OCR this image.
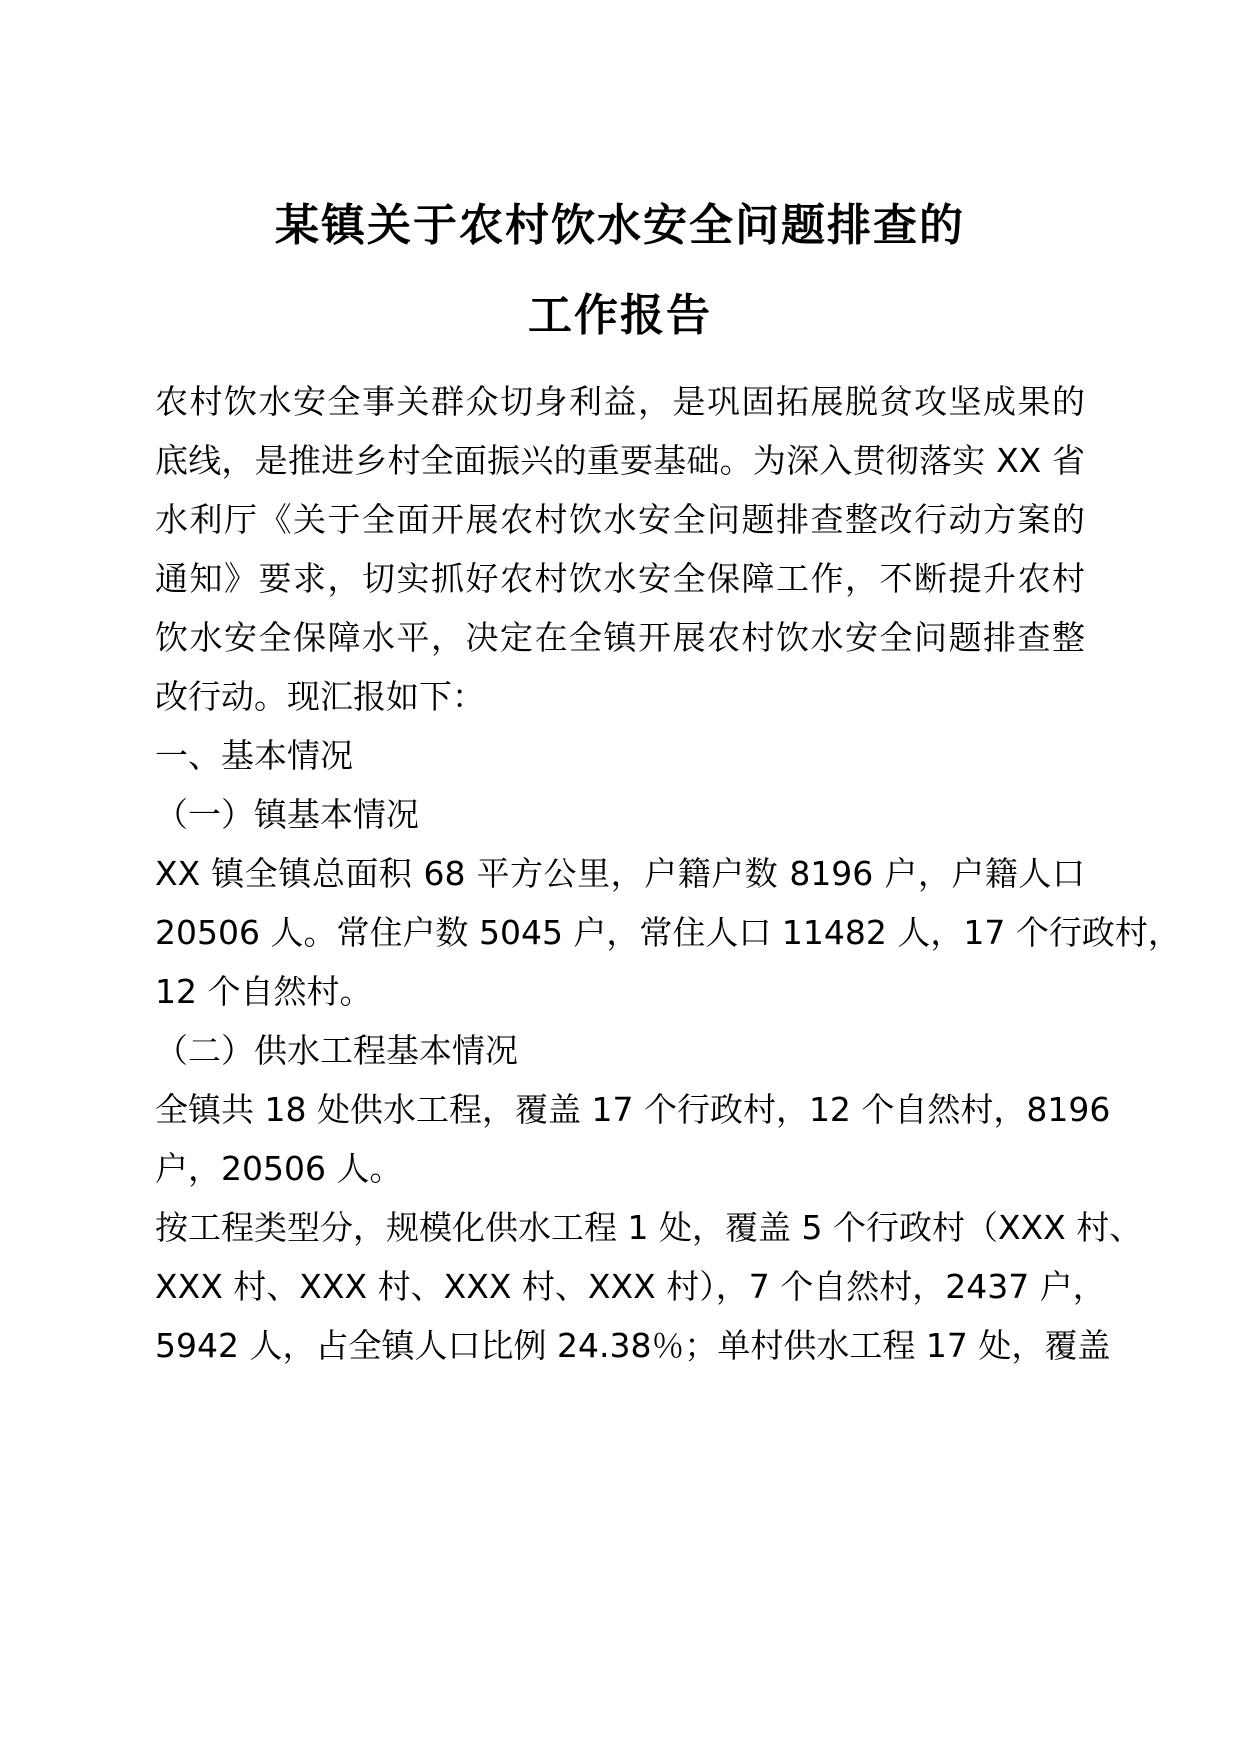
某镇关于农村饮水安全问题排查的
工作报告
农村饮水安全事关群众切身利益，是巩固拓展脱贫攻坚成果的
底线，是推进乡村全面振兴的重要基础。为深入贯彻落实 XX 省
水利厅《关于全面开展农村饮水安全问题排查整改行动方案的
通知》要求，切实抓好农村饮水安全保障工作，不断提升农村
饮水安全保障水平，决定在全镇开展农村饮水安全问题排查整
改行动。现汇报如下：
一、基本情况
（一）镇基本情况
XX 镇全镇总面积 68 平方公里，户籍户数 8196 户，户籍人口
20506 人。常住户数 5045 户，常住人口 11482 人，17 个行政村，
12 个自然村。
（二）供水工程基本情况
全镇共 18 处供水工程，覆盖 17 个行政村，12 个自然村，8196
户，20506 人。
按工程类型分，规模化供水工程 1 处，覆盖 5 个行政村（XXX 村、
XXX 村、XXX 村、XXX 村、XXX 村），7 个自然村，2437 户，
5942 人，占全镇人口比例 24.38％；单村供水工程 17 处，覆盖
